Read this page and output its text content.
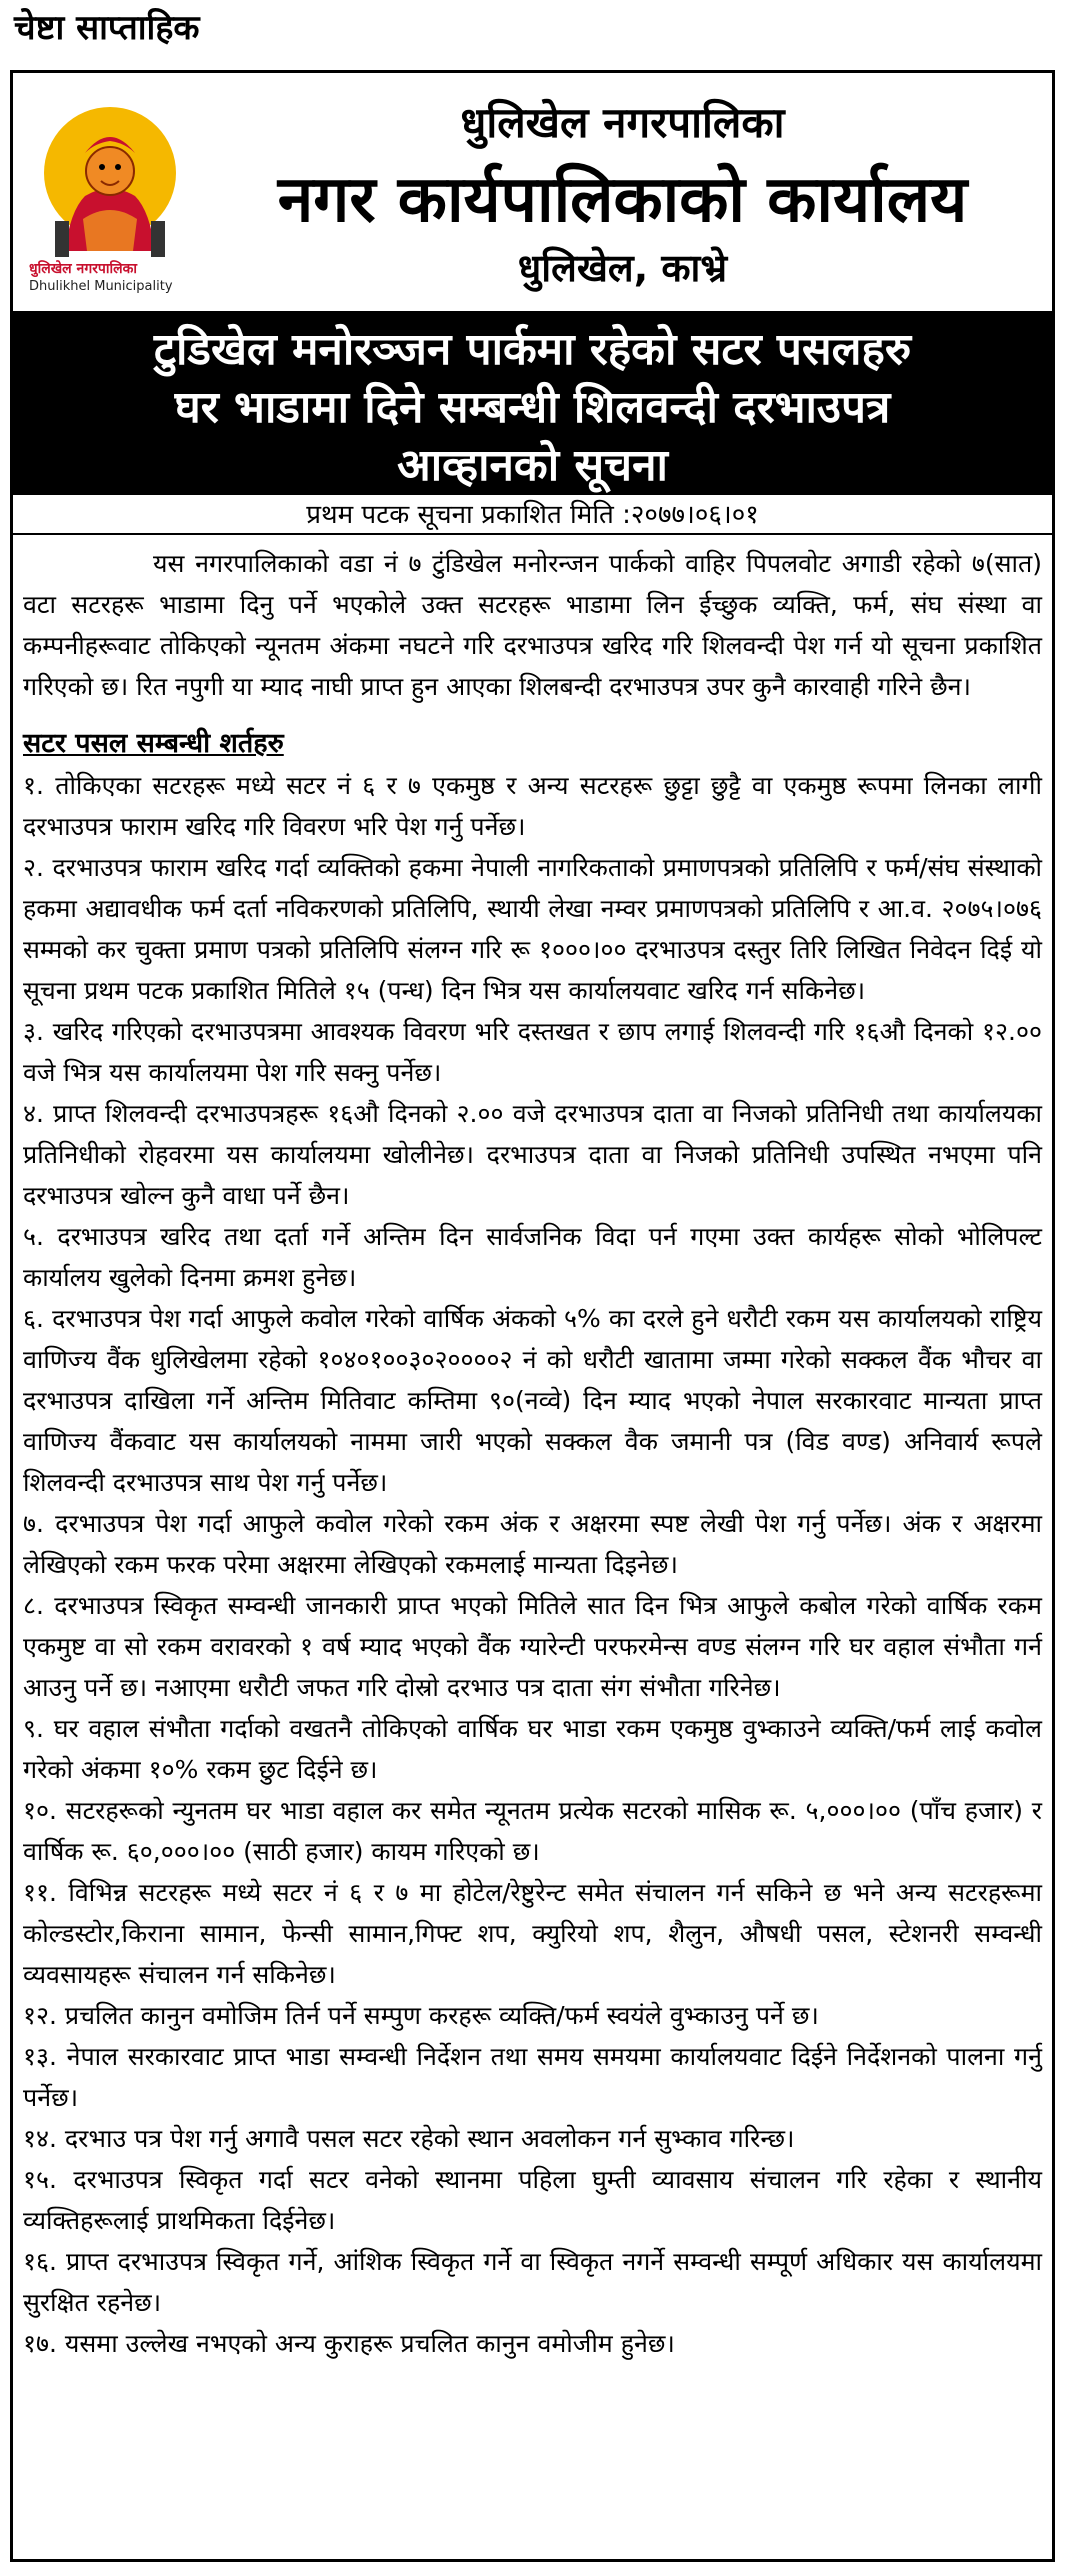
चेष्टा साप्ताहिक
धुलिखेल नगरपालिका
Dhulikhel Municipality
धुलिखेल नगरपालिका
नगर कार्यपालिकाको कार्यालय
धुलिखेल, काभ्रे
टुडिखेल मनोरञ्जन पार्कमा रहेको सटर पसलहरु
घर भाडामा दिने सम्बन्धी शिलवन्दी दरभाउपत्र
आव्हानको सूचना
प्रथम पटक सूचना प्रकाशित मिति :२०७७।०६।०१

यस नगरपालिकाको वडा नं ७ टुंडिखेल मनोरन्जन पार्कको वाहिर पिपलवोट अगाडी रहेको ७(सात) वटा सटरहरू भाडामा दिनु पर्ने भएकोले उक्त सटरहरू भाडामा लिन ईच्छुक व्यक्ति, फर्म, संघ संस्था वा कम्पनीहरूवाट तोकिएको न्यूनतम अंकमा नघटने गरि दरभाउपत्र खरिद गरि शिलवन्दी पेश गर्न यो सूचना प्रकाशित गरिएको छ। रित नपुगी या म्याद नाघी प्राप्त हुन आएका शिलबन्दी दरभाउपत्र उपर कुनै कारवाही गरिने छैन।

सटर पसल सम्बन्धी शर्तहरु

१. तोकिएका सटरहरू मध्ये सटर नं ६ र ७ एकमुष्ठ र अन्य सटरहरू छुट्टा छुट्टै वा एकमुष्ठ रूपमा लिनका लागी दरभाउपत्र फाराम खरिद गरि विवरण भरि पेश गर्नु पर्नेछ।

२. दरभाउपत्र फाराम खरिद गर्दा व्यक्तिको हकमा नेपाली नागरिकताको प्रमाणपत्रको प्रतिलिपि र फर्म/संघ संस्थाको हकमा अद्यावधीक फर्म दर्ता नविकरणको प्रतिलिपि, स्थायी लेखा नम्वर प्रमाणपत्रको प्रतिलिपि र आ.व. २०७५।०७६ सम्मको कर चुक्ता प्रमाण पत्रको प्रतिलिपि संलग्न गरि रू १०००।०० दरभाउपत्र दस्तुर तिरि लिखित निवेदन दिई यो सूचना प्रथम पटक प्रकाशित मितिले १५ (पन्ध) दिन भित्र यस कार्यालयवाट खरिद गर्न सकिनेछ।

३. खरिद गरिएको दरभाउपत्रमा आवश्यक विवरण भरि दस्तखत र छाप लगाई शिलवन्दी गरि १६औ दिनको १२.०० वजे भित्र यस कार्यालयमा पेश गरि सक्नु पर्नेछ।

४. प्राप्त शिलवन्दी दरभाउपत्रहरू १६औ दिनको २.०० वजे दरभाउपत्र दाता वा निजको प्रतिनिधी तथा कार्यालयका प्रतिनिधीको रोहवरमा यस कार्यालयमा खोलीनेछ। दरभाउपत्र दाता वा निजको प्रतिनिधी उपस्थित नभएमा पनि दरभाउपत्र खोल्न कुनै वाधा पर्ने छैन।

५. दरभाउपत्र खरिद तथा दर्ता गर्ने अन्तिम दिन सार्वजनिक विदा पर्न गएमा उक्त कार्यहरू सोको भोलिपल्ट कार्यालय खुलेको दिनमा क्रमश हुनेछ।

६. दरभाउपत्र पेश गर्दा आफुले कवोल गरेको वार्षिक अंकको ५% का दरले हुने धरौटी रकम यस कार्यालयको राष्ट्रिय वाणिज्य वैंक धुलिखेलमा रहेको १०४०१००३०२००००२ नं को धरौटी खातामा जम्मा गरेको सक्कल वैंक भौचर वा दरभाउपत्र दाखिला गर्ने अन्तिम मितिवाट कम्तिमा ९०(नव्वे) दिन म्याद भएको नेपाल सरकारवाट मान्यता प्राप्त वाणिज्य वैंकवाट यस कार्यालयको नाममा जारी भएको सक्कल वैक जमानी पत्र (विड वण्ड) अनिवार्य रूपले शिलवन्दी दरभाउपत्र साथ पेश गर्नु पर्नेछ।

७. दरभाउपत्र पेश गर्दा आफुले कवोल गरेको रकम अंक र अक्षरमा स्पष्ट लेखी पेश गर्नु पर्नेछ। अंक र अक्षरमा लेखिएको रकम फरक परेमा अक्षरमा लेखिएको रकमलाई मान्यता दिइनेछ।

८. दरभाउपत्र स्विकृत सम्वन्धी जानकारी प्राप्त भएको मितिले सात दिन भित्र आफुले कबोल गरेको वार्षिक रकम एकमुष्ट वा सो रकम वरावरको १ वर्ष म्याद भएको वैंक ग्यारेन्टी परफरमेन्स वण्ड संलग्न गरि घर वहाल संभौता गर्न आउनु पर्ने छ। नआएमा धरौटी जफत गरि दोस्रो दरभाउ पत्र दाता संग संभौता गरिनेछ।

९. घर वहाल संभौता गर्दाको वखतनै तोकिएको वार्षिक घर भाडा रकम एकमुष्ठ वुभ्काउने व्यक्ति/फर्म लाई कवोल गरेको अंकमा १०% रकम छुट दिईने छ।

१०. सटरहरूको न्युनतम घर भाडा वहाल कर समेत न्यूनतम प्रत्येक सटरको मासिक रू. ५,०००।०० (पाँच हजार) र वार्षिक रू. ६०,०००।०० (साठी हजार) कायम गरिएको छ।

११. विभिन्न सटरहरू मध्ये सटर नं ६ र ७ मा होटेल/रेष्टुरेन्ट समेत संचालन गर्न सकिने छ भने अन्य सटरहरूमा कोल्डस्टोर,किराना सामान, फेन्सी सामान,गिफ्ट शप, क्युरियो शप, शैलुन, औषधी पसल, स्टेशनरी सम्वन्धी व्यवसायहरू संचालन गर्न सकिनेछ।

१२. प्रचलित कानुन वमोजिम तिर्न पर्ने सम्पुण करहरू व्यक्ति/फर्म स्वयंले वुभ्काउनु पर्ने छ।

१३. नेपाल सरकारवाट प्राप्त भाडा सम्वन्धी निर्देशन तथा समय समयमा कार्यालयवाट दिईने निर्देशनको पालना गर्नु पर्नेछ।

१४. दरभाउ पत्र पेश गर्नु अगावै पसल सटर रहेको स्थान अवलोकन गर्न सुभ्काव गरिन्छ।

१५. दरभाउपत्र स्विकृत गर्दा सटर वनेको स्थानमा पहिला घुम्ती व्यावसाय संचालन गरि रहेका र स्थानीय व्यक्तिहरूलाई प्राथमिकता दिईनेछ।

१६. प्राप्त दरभाउपत्र स्विकृत गर्ने, आंशिक स्विकृत गर्ने वा स्विकृत नगर्ने सम्वन्धी सम्पूर्ण अधिकार यस कार्यालयमा सुरक्षित रहनेछ।

१७. यसमा उल्लेख नभएको अन्य कुराहरू प्रचलित कानुन वमोजीम हुनेछ।
